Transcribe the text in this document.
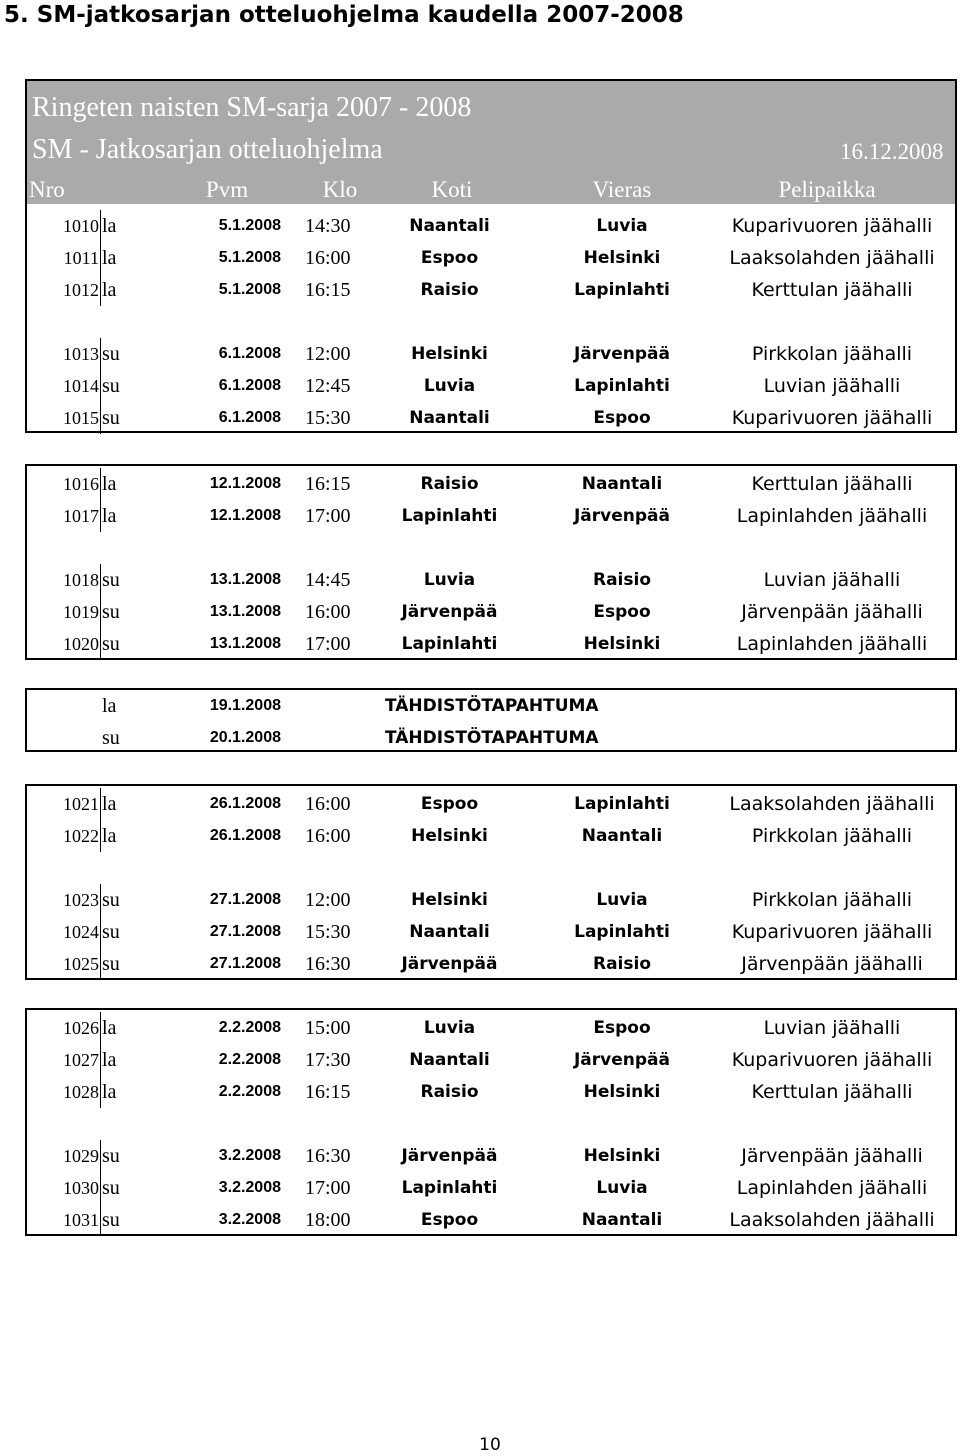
5. SM-jatkosarjan otteluohjelma kaudella 2007-2008
Ringeten naisten SM-sarja 2007 - 2008
SM - Jatkosarjan otteluohjelma	16.12.2008
Nro	Pvm	Klo	Koti	Vieras	Pelipaikka
1010 la	5.1.2008 14:30	Naantali	Luvia	Kuparivuoren jäähalli
1011 la	5.1.2008 16:00	Espoo	Helsinki	Laaksolahden jäähalli
1012 la	5.1.2008 16:15	Raisio	Lapinlahti	Kerttulan jäähalli
1013 su	6.1.2008 12:00	Helsinki	Järvenpää	Pirkkolan jäähalli
1014 su	6.1.2008 12:45	Luvia	Lapinlahti	Luvian jäähalli
1015 su	6.1.2008 15:30	Naantali	Espoo	Kuparivuoren jäähalli
1016 la	12.1.2008 16:15	Raisio	Naantali	Kerttulan jäähalli
1017 la	12.1.2008 17:00	Lapinlahti	Järvenpää	Lapinlahden jäähalli
1018 su	13.1.2008 14:45	Luvia	Raisio	Luvian jäähalli
1019 su	13.1.2008 16:00	Järvenpää	Espoo	Järvenpään jäähalli
1020 su	13.1.2008 17:00	Lapinlahti	Helsinki	Lapinlahden jäähalli
la	19.1.2008	TÄHDISTÖTAPAHTUMA
su	20.1.2008	TÄHDISTÖTAPAHTUMA
1021 la	26.1.2008 16:00	Espoo	Lapinlahti	Laaksolahden jäähalli
1022 la	26.1.2008 16:00	Helsinki	Naantali	Pirkkolan jäähalli
1023 su	27.1.2008 12:00	Helsinki	Luvia	Pirkkolan jäähalli
1024 su	27.1.2008 15:30	Naantali	Lapinlahti	Kuparivuoren jäähalli
1025 su	27.1.2008 16:30	Järvenpää	Raisio	Järvenpään jäähalli
1026 la	2.2.2008 15:00	Luvia	Espoo	Luvian jäähalli
1027 la	2.2.2008 17:30	Naantali	Järvenpää	Kuparivuoren jäähalli
1028 la	2.2.2008 16:15	Raisio	Helsinki	Kerttulan jäähalli
1029 su	3.2.2008 16:30	Järvenpää	Helsinki	Järvenpään jäähalli
1030 su	3.2.2008 17:00	Lapinlahti	Luvia	Lapinlahden jäähalli
1031 su	3.2.2008 18:00	Espoo	Naantali	Laaksolahden jäähalli
10
